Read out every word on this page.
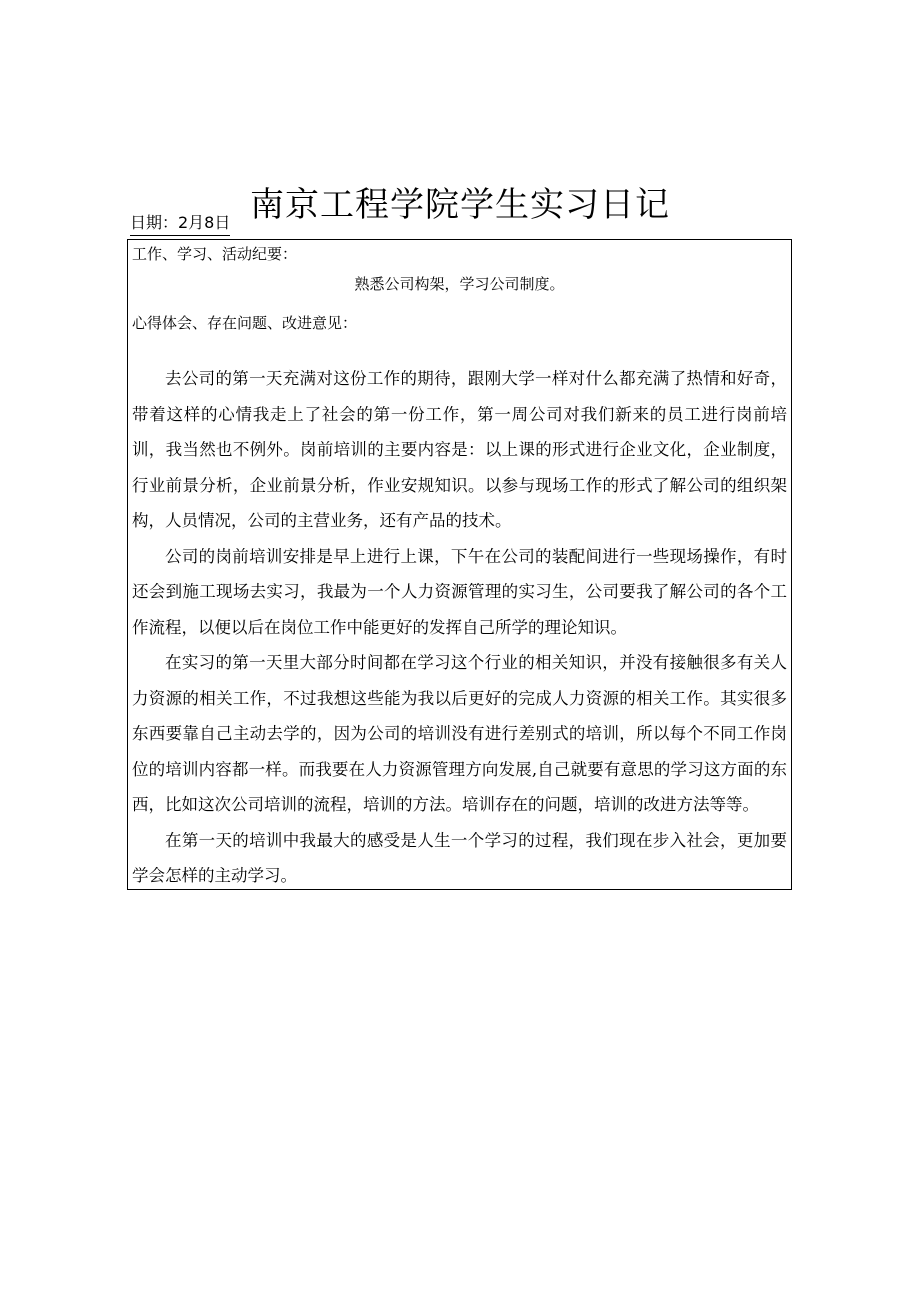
南京工程学院学生实习日记
日期：2月8日
工作、学习、活动纪要：
熟悉公司构架，学习公司制度。
心得体会、存在问题、改进意见：

去公司的第一天充满对这份工作的期待，跟刚大学一样对什么都充满了热情和好奇，带着这样的心情我走上了社会的第一份工作，第一周公司对我们新来的员工进行岗前培训，我当然也不例外。岗前培训的主要内容是：以上课的形式进行企业文化，企业制度，行业前景分析，企业前景分析，作业安规知识。以参与现场工作的形式了解公司的组织架构，人员情况，公司的主营业务，还有产品的技术。

公司的岗前培训安排是早上进行上课，下午在公司的装配间进行一些现场操作，有时还会到施工现场去实习，我最为一个人力资源管理的实习生，公司要我了解公司的各个工作流程，以便以后在岗位工作中能更好的发挥自己所学的理论知识。

在实习的第一天里大部分时间都在学习这个行业的相关知识，并没有接触很多有关人力资源的相关工作，不过我想这些能为我以后更好的完成人力资源的相关工作。其实很多东西要靠自己主动去学的，因为公司的培训没有进行差别式的培训，所以每个不同工作岗位的培训内容都一样。而我要在人力资源管理方向发展,自己就要有意思的学习这方面的东西，比如这次公司培训的流程，培训的方法。培训存在的问题，培训的改进方法等等。

在第一天的培训中我最大的感受是人生一个学习的过程，我们现在步入社会，更加要学会怎样的主动学习。
